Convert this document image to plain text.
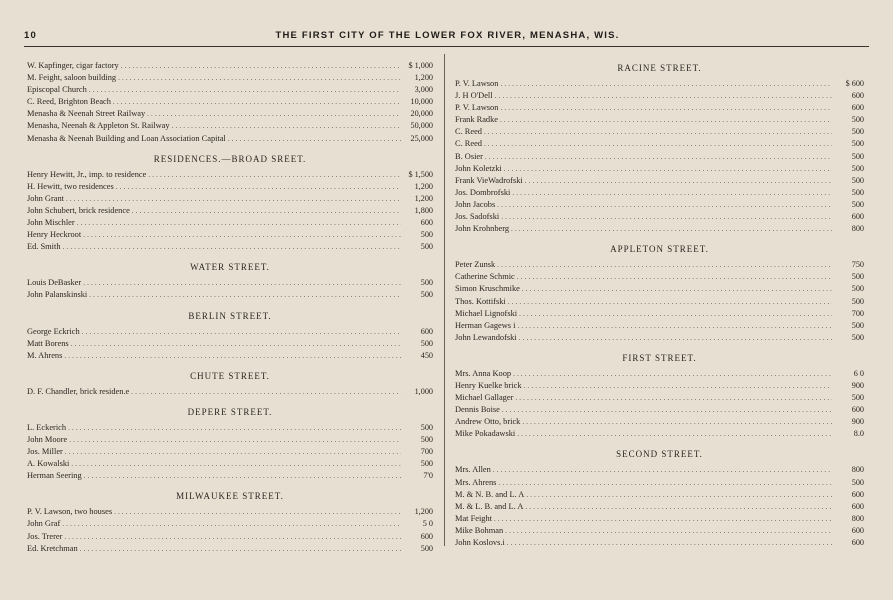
10	THE FIRST CITY OF THE LOWER FOX RIVER, MENASHA, WIS.
W. Kapfinger, cigar factory . . .	$ 1,000
M. Feight, saloon building . . .	1,200
Episcopal Church . . .	3,000
C. Reed, Brighton Beach . . .	10,000
Menasha & Neenah Street Railway . . .	20,000
Menasha, Neenah & Appleton St. Railway . . .	50,000
Menasha & Neenah Building and Loan Association Capital . . .	25,000
RESIDENCES.—BROAD SREET.
Henry Hewitt, Jr., imp. to residence . . .	$ 1,500
H. Hewitt, two residences . . .	1,200
John Grant . . .	1,200
John Schubert, brick residence . . .	1,800
John Mischler . . .	600
Henry Heckroot . . .	500
Ed. Smith . . .	500
WATER STREET.
Louis DeBasker . . .	500
John Palanskinski . . .	500
BERLIN STREET.
George Eckrich . . .	600
Matt Borens . . .	500
M. Ahrens . . .	450
CHUTE STREET.
D. F. Chandler, brick residen.e . . .	1,000
DEPERE STREET.
L. Eckerich . . .	500
John Moore . . .	500
Jos. Miller . . .	700
A. Kowalski . . .	500
Herman Seering . . .	7'0
MILWAUKEE STREET.
P. V. Lawson, two houses . . .	1,200
John Graf . . .	5 0
Jos. Trerer . . .	600
Ed. Kretchman . . .	500
RACINE STREET.
P. V. Lawson . . .	$ 600
J. H O'Dell . . .	600
P. V. Lawson . . .	600
Frank Radke . . .	500
C. Reed . . .	500
C. Reed . . .	500
B. Osier . . .	500
John Koletzki . . .	500
Frank VieWadrofski . . .	500
Jos. Dombrofski . . .	500
John Jacobs . . .	500
Jos. Sadofski . . .	600
John Krohnberg . . .	800
APPLETON STREET.
Peter Zunsk . . .	750
Catherine Schmic . . .	500
Simon Kruschmike . . .	500
Thos. Kottifski . . .	500
Michael Lignofski . . .	700
Herman Gagews i . . .	500
John Lewandofski . . .	500
FIRST STREET.
Mrs. Anna Koop . . .	6 0
Henry Kuelke brick . . .	900
Michael Gallager . . .	500
Dennis Boise . . .	600
Andrew Otto, brick . . .	900
Mike Pokadawski . . .	8.0
SECOND STREET.
Mrs. Allen . . .	800
Mrs. Ahrens . . .	500
M. & N. B. and L. A . . .	600
M. & L. B. and L. A . . .	600
Mat Feight . . .	800
Mike Bohman . . .	600
John Koslovs.i . . .	600
